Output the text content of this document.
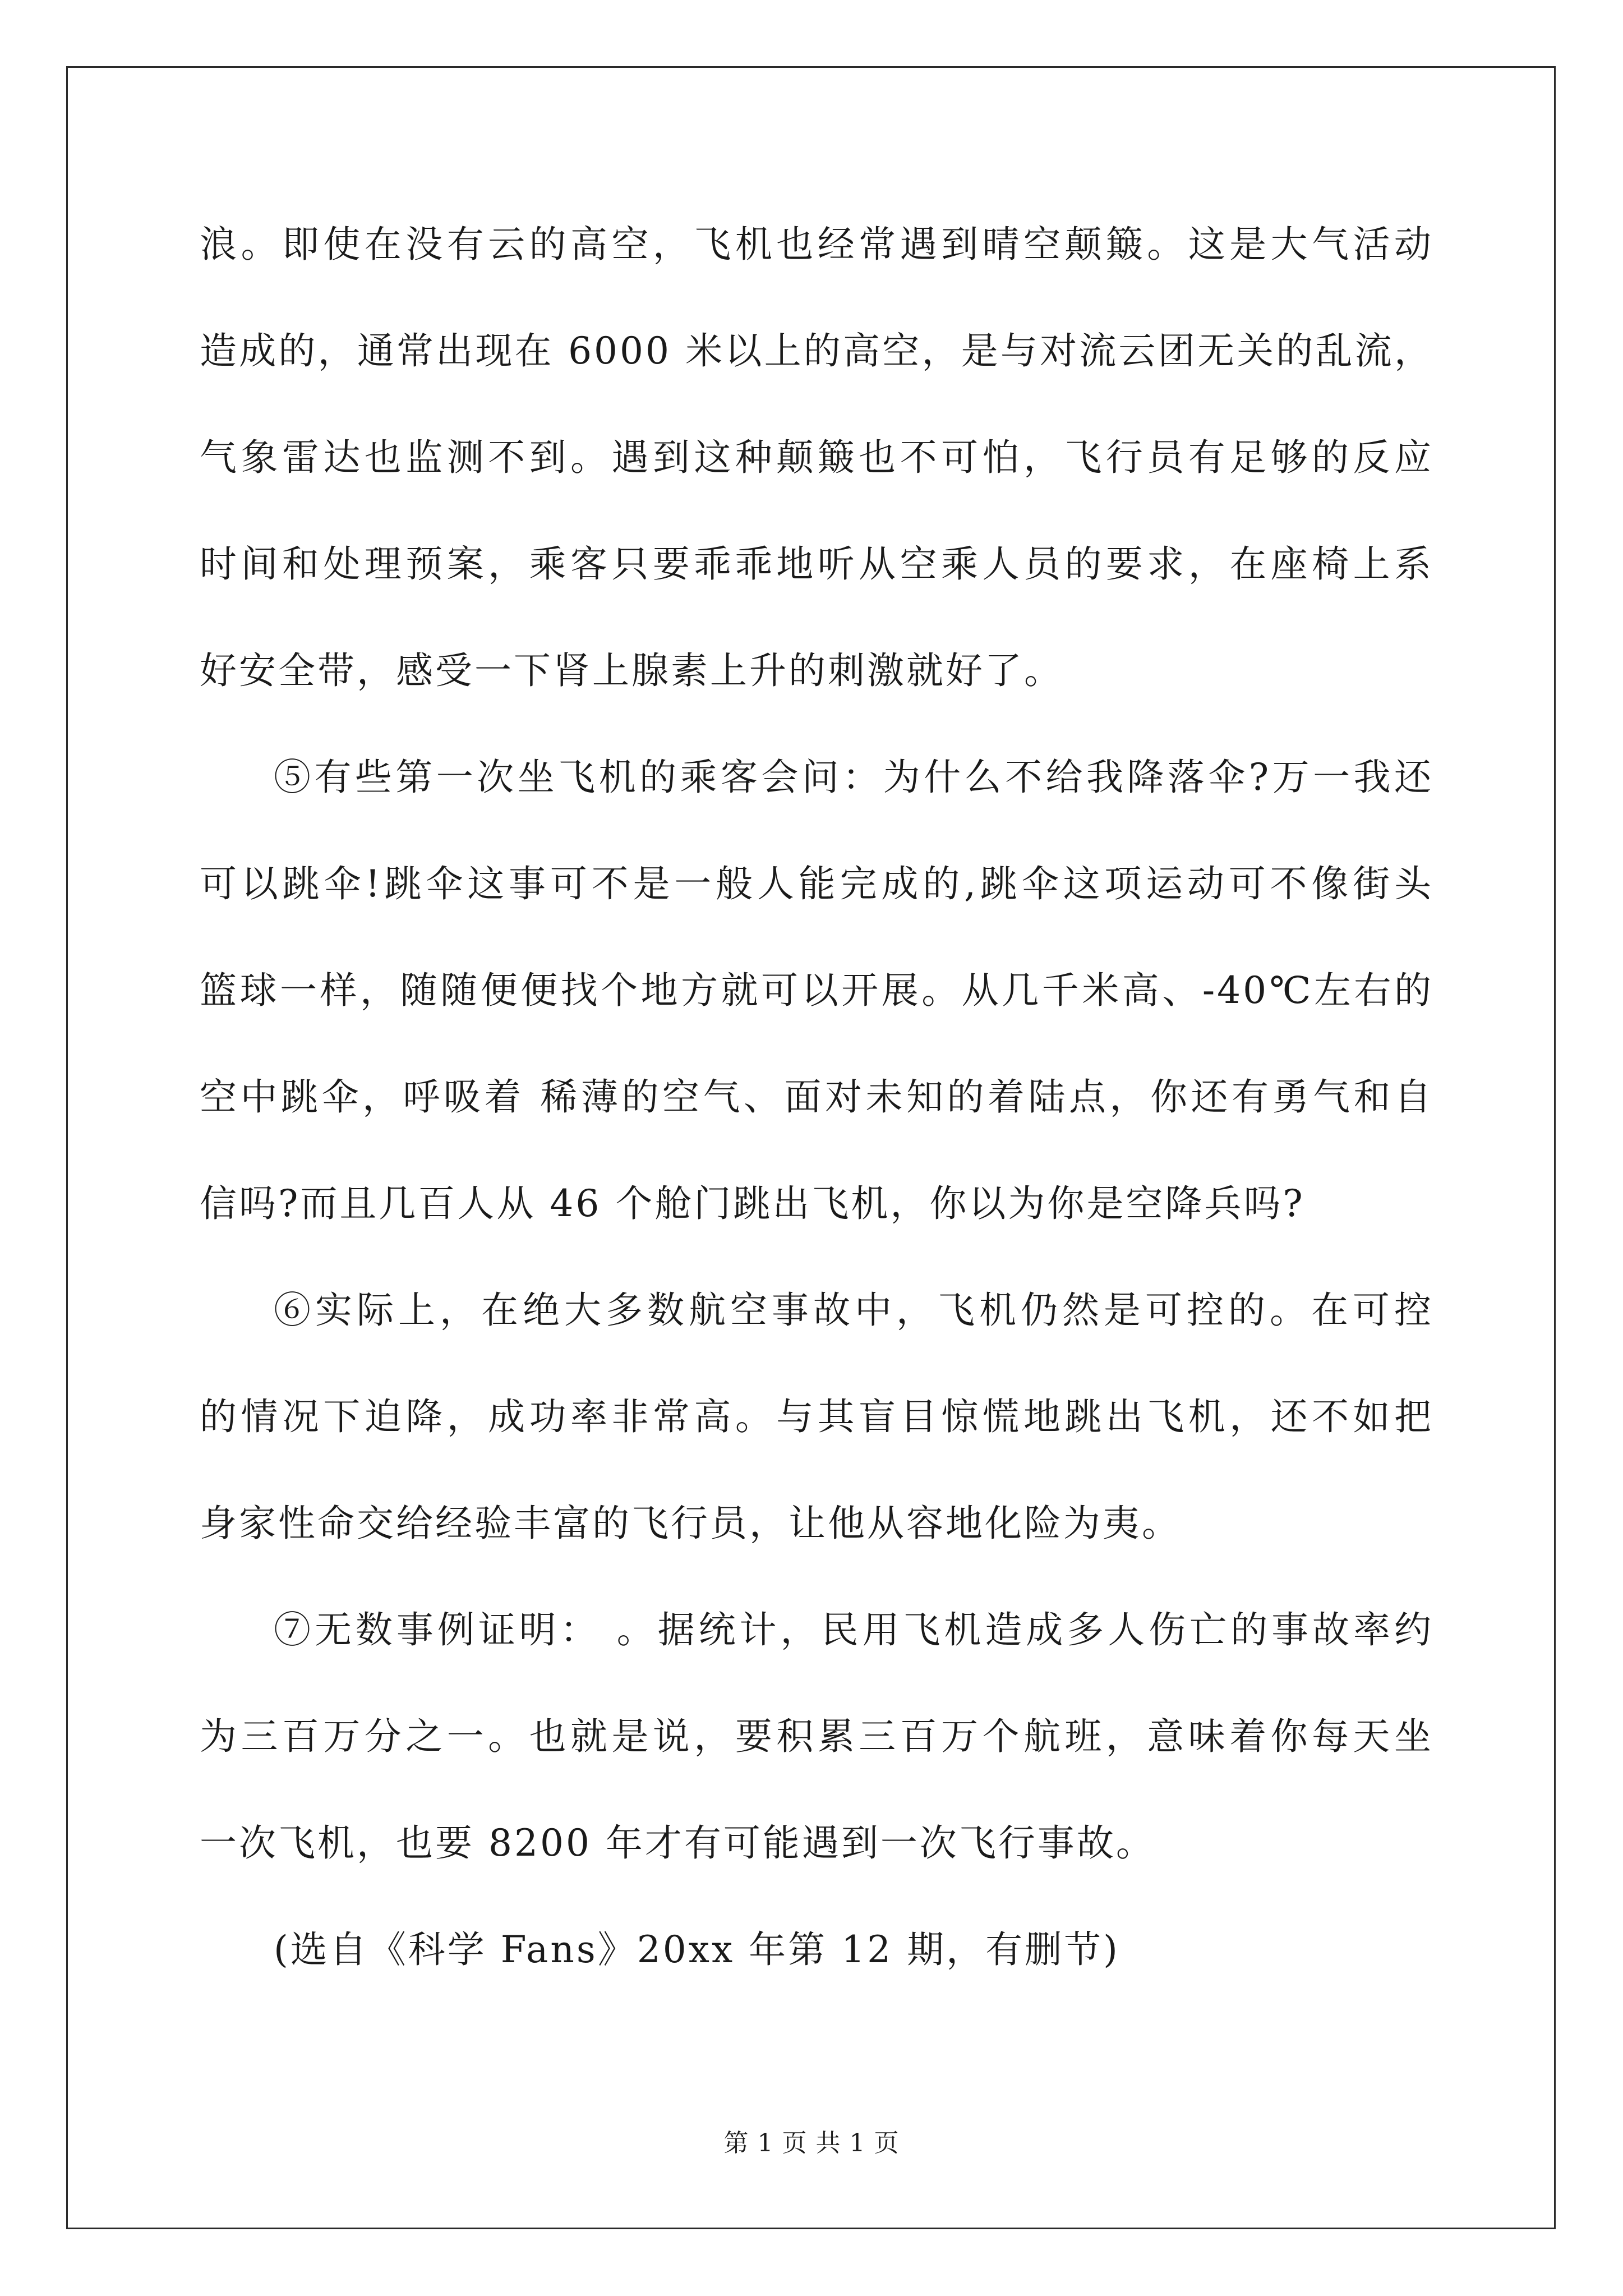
浪。即使在没有云的高空，飞机也经常遇到晴空颠簸。这是大气活动
造成的，通常出现在 6000 米以上的高空，是与对流云团无关的乱流，
气象雷达也监测不到。遇到这种颠簸也不可怕，飞行员有足够的反应
时间和处理预案，乘客只要乖乖地听从空乘人员的要求，在座椅上系
好安全带，感受一下肾上腺素上升的刺激就好了。
⑤有些第一次坐飞机的乘客会问：为什么不给我降落伞?万一我还
可以跳伞!跳伞这事可不是一般人能完成的,跳伞这项运动可不像街头
篮球一样，随随便便找个地方就可以开展。从几千米高、-40℃左右的
空中跳伞，呼吸着 稀薄的空气、面对未知的着陆点，你还有勇气和自
信吗?而且几百人从 46 个舱门跳出飞机，你以为你是空降兵吗?
⑥实际上，在绝大多数航空事故中，飞机仍然是可控的。在可控
的情况下迫降，成功率非常高。与其盲目惊慌地跳出飞机，还不如把
身家性命交给经验丰富的飞行员，让他从容地化险为夷。
⑦无数事例证明： 。据统计，民用飞机造成多人伤亡的事故率约
为三百万分之一。也就是说，要积累三百万个航班，意味着你每天坐
一次飞机，也要 8200 年才有可能遇到一次飞行事故。
(选自《科学 Fans》20xx 年第 12 期，有删节)
第 1 页 共 1 页
